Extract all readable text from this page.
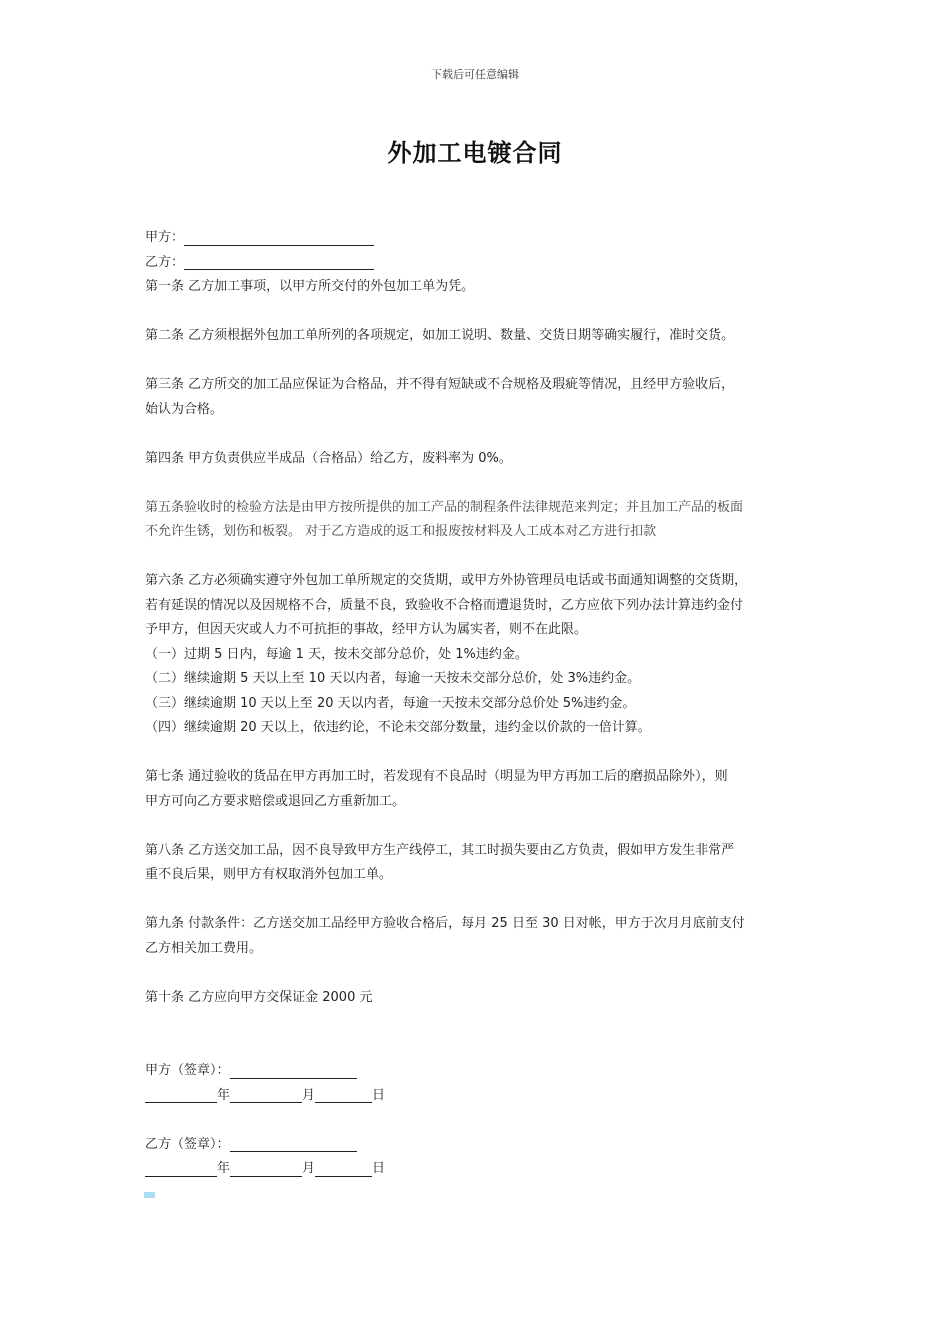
下载后可任意编辑
外加工电镀合同
甲方：
乙方：
第一条 乙方加工事项，以甲方所交付的外包加工单为凭。
第二条 乙方须根据外包加工单所列的各项规定，如加工说明、数量、交货日期等确实履行，准时交货。
第三条 乙方所交的加工品应保证为合格品，并不得有短缺或不合规格及瑕疵等情况，且经甲方验收后，
始认为合格。
第四条 甲方负责供应半成品（合格品）给乙方，废料率为 0%。
第五条验收时的检验方法是由甲方按所提供的加工产品的制程条件法律规范来判定；并且加工产品的板面
不允许生锈，划伤和板裂。 对于乙方造成的返工和报废按材料及人工成本对乙方进行扣款
第六条 乙方必须确实遵守外包加工单所规定的交货期，或甲方外协管理员电话或书面通知调整的交货期，
若有延误的情况以及因规格不合，质量不良，致验收不合格而遭退货时，乙方应依下列办法计算违约金付
予甲方，但因天灾或人力不可抗拒的事故，经甲方认为属实者，则不在此限。
（一）过期 5 日内，每逾 1 天，按未交部分总价，处 1%违约金。
（二）继续逾期 5 天以上至 10 天以内者，每逾一天按未交部分总价，处 3%违约金。
（三）继续逾期 10 天以上至 20 天以内者，每逾一天按未交部分总价处 5%违约金。
（四）继续逾期 20 天以上，依违约论，不论未交部分数量，违约金以价款的一倍计算。
第七条 通过验收的货品在甲方再加工时，若发现有不良品时（明显为甲方再加工后的磨损品除外），则
甲方可向乙方要求赔偿或退回乙方重新加工。
第八条 乙方送交加工品，因不良导致甲方生产线停工，其工时损失要由乙方负责，假如甲方发生非常严
重不良后果，则甲方有权取消外包加工单。
第九条 付款条件：乙方送交加工品经甲方验收合格后，每月 25 日至 30 日对帐，甲方于次月月底前支付
乙方相关加工费用。
第十条 乙方应向甲方交保证金 2000 元
甲方（签章）：
年	月	日
乙方（签章）：
年	月	日
